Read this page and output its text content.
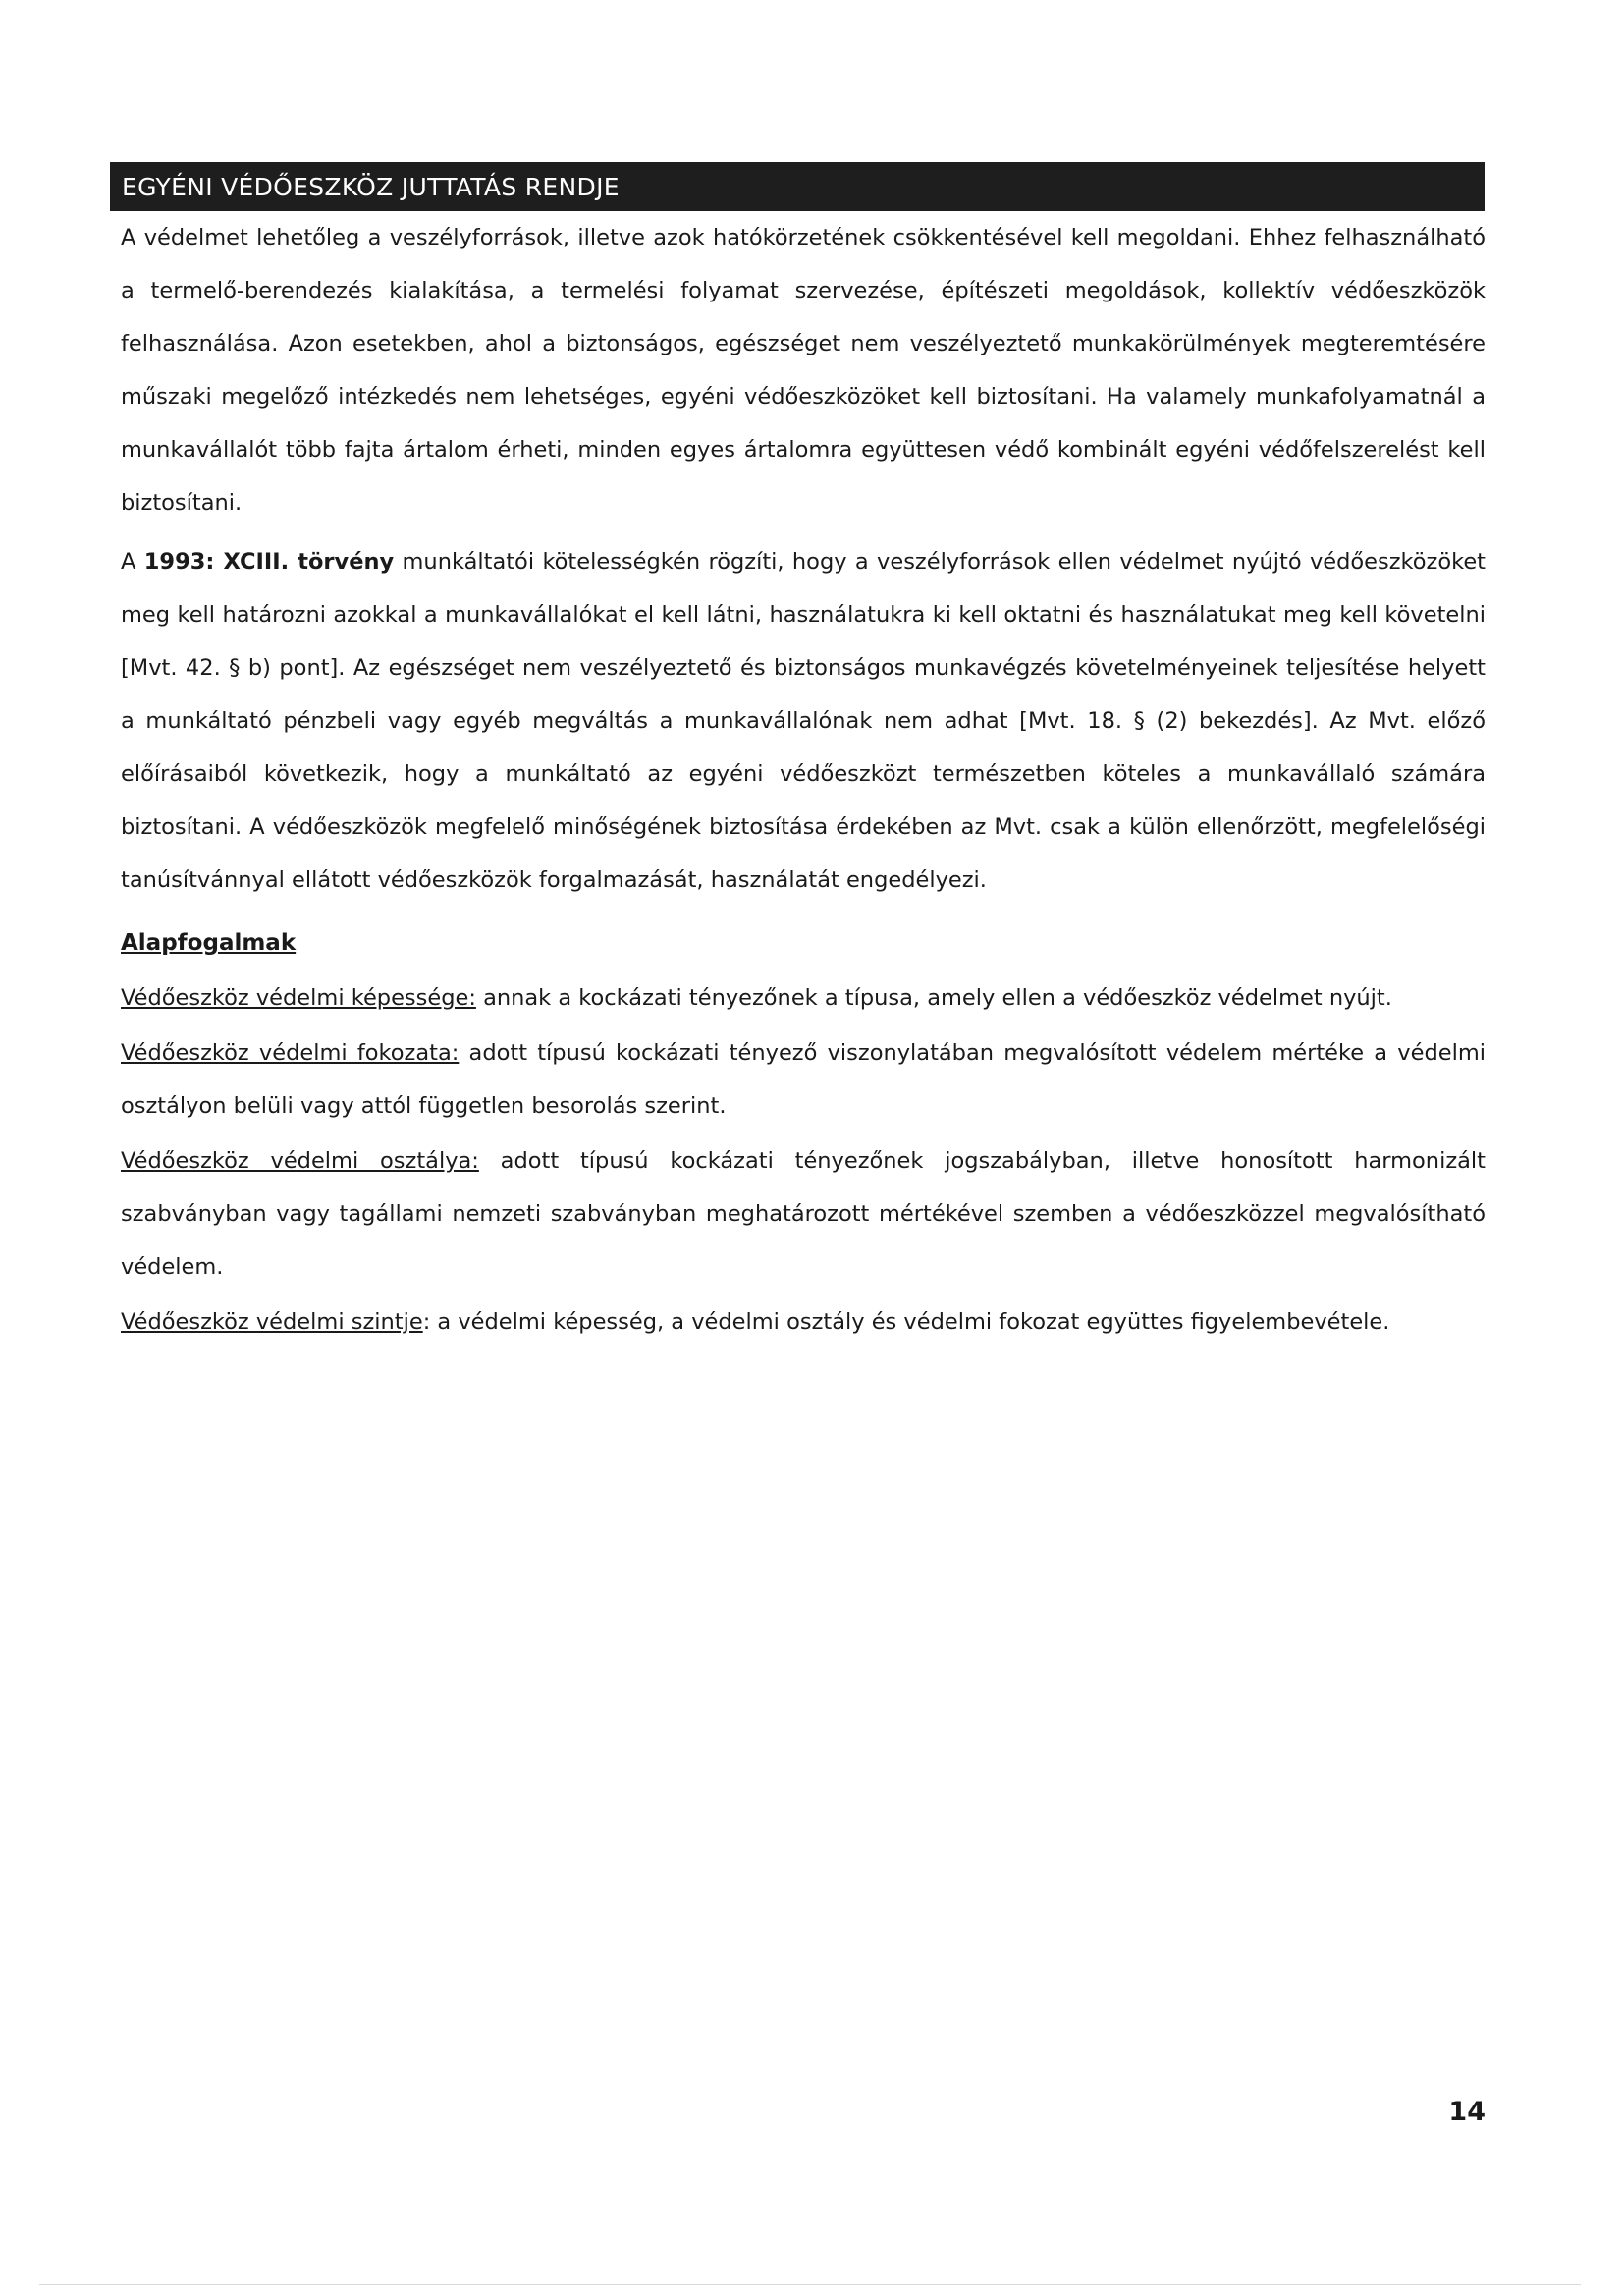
EGYÉNI VÉDŐESZKÖZ JUTTATÁS RENDJE

A védelmet lehetőleg a veszélyforrások, illetve azok hatókörzetének csökkentésével kell megoldani. Ehhez felhasználható a termelő-berendezés kialakítása, a termelési folyamat szervezése, építészeti megoldások, kollektív védőeszközök felhasználása. Azon esetekben, ahol a biztonságos, egészséget nem veszélyeztető munkakörülmények megteremtésére műszaki megelőző intézkedés nem lehetséges, egyéni védőeszközöket kell biztosítani. Ha valamely munkafolyamatnál a munkavállalót több fajta ártalom érheti, minden egyes ártalomra együttesen védő kombinált egyéni védőfelszerelést kell biztosítani.

A 1993: XCIII. törvény munkáltatói kötelességkén rögzíti, hogy a veszélyforrások ellen védelmet nyújtó védőeszközöket meg kell határozni azokkal a munkavállalókat el kell látni, használatukra ki kell oktatni és használatukat meg kell követelni [Mvt. 42. § b) pont]. Az egészséget nem veszélyeztető és biztonságos munkavégzés követelményeinek teljesítése helyett a munkáltató pénzbeli vagy egyéb megváltás a munkavállalónak nem adhat [Mvt. 18. § (2) bekezdés]. Az Mvt. előző előírásaiból következik, hogy a munkáltató az egyéni védőeszközt természetben köteles a munkavállaló számára biztosítani. A védőeszközök megfelelő minőségének biztosítása érdekében az Mvt. csak a külön ellenőrzött, megfelelőségi tanúsítvánnyal ellátott védőeszközök forgalmazását, használatát engedélyezi.

Alapfogalmak

Védőeszköz védelmi képessége: annak a kockázati tényezőnek a típusa, amely ellen a védőeszköz védelmet nyújt.

Védőeszköz védelmi fokozata: adott típusú kockázati tényező viszonylatában megvalósított védelem mértéke a védelmi osztályon belüli vagy attól független besorolás szerint.

Védőeszköz védelmi osztálya: adott típusú kockázati tényezőnek jogszabályban, illetve honosított harmonizált szabványban vagy tagállami nemzeti szabványban meghatározott mértékével szemben a védőeszközzel megvalósítható védelem.

Védőeszköz védelmi szintje: a védelmi képesség, a védelmi osztály és védelmi fokozat együttes figyelembevétele.

14
